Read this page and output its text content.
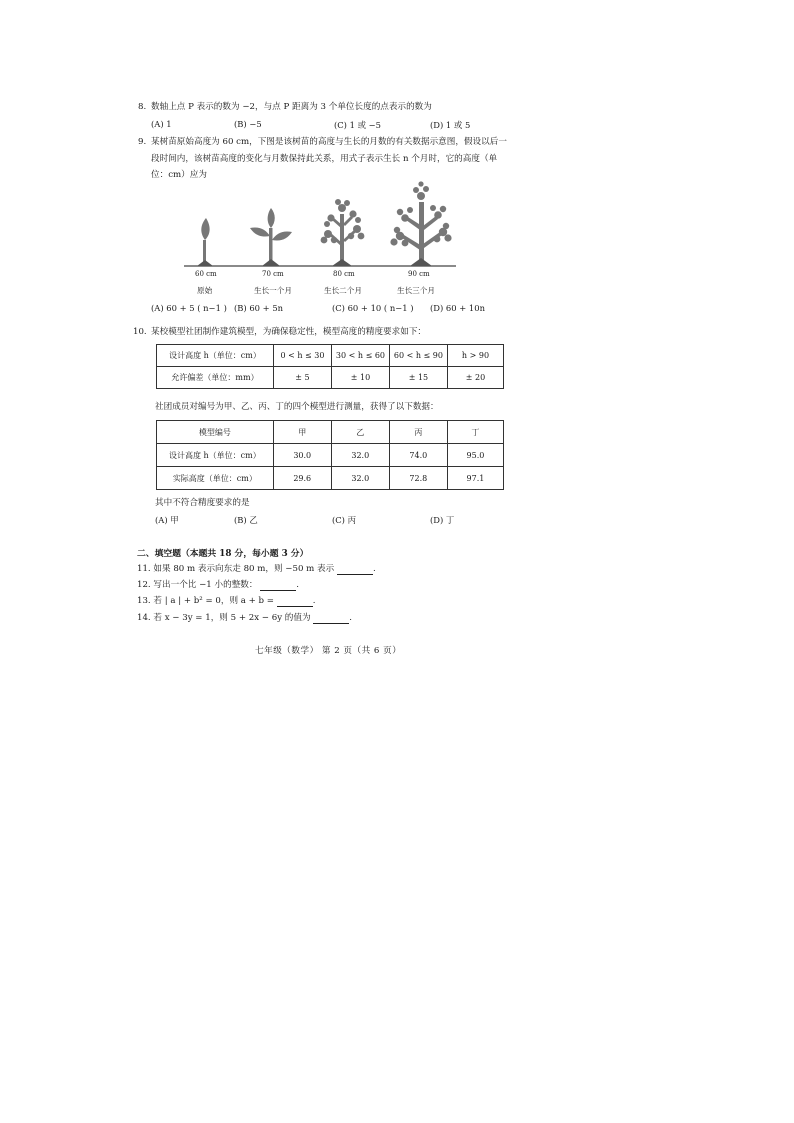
8. 数轴上点 P 表示的数为 −2，与点 P 距离为 3 个单位长度的点表示的数为
(A) 1	(B) −5	(C) 1 或 −5	(D) 1 或 5
9. 某树苗原始高度为 60 cm，下图是该树苗的高度与生长的月数的有关数据示意图，假设以后一
段时间内，该树苗高度的变化与月数保持此关系，用式子表示生长 n 个月时，它的高度（单
位：cm）应为
60 cm	70 cm	80 cm	90 cm
原始	生长一个月	生长二个月	生长三个月
(A) 60 + 5 ( n−1 ) (B) 60 + 5n	(C) 60 + 10 ( n−1 ) (D) 60 + 10n
10. 某校模型社团制作建筑模型，为确保稳定性，模型高度的精度要求如下：
设计高度 h（单位：cm）	0 < h ≤ 30	30 < h ≤ 60	60 < h ≤ 90	h > 90
允许偏差（单位：mm）	± 5	± 10	± 15	± 20
社团成员对编号为甲、乙、丙、丁的四个模型进行测量，获得了以下数据：
模型编号	甲	乙	丙	丁
设计高度 h（单位：cm）	30.0	32.0	74.0	95.0
实际高度（单位：cm）	29.6	32.0	72.8	97.1
其中不符合精度要求的是
(A) 甲	(B) 乙	(C) 丙	(D) 丁
二、填空题（本题共 18 分，每小题 3 分）
11. 如果 80 m 表示向东走 80 m，则 −50 m 表示	.
12. 写出一个比 −1 小的整数：	.
13. 若 | a | + b² = 0，则 a + b =	.
14. 若 x − 3y = 1，则 5 + 2x − 6y 的值为	.
七年级（数学） 第 2 页（共 6 页）
